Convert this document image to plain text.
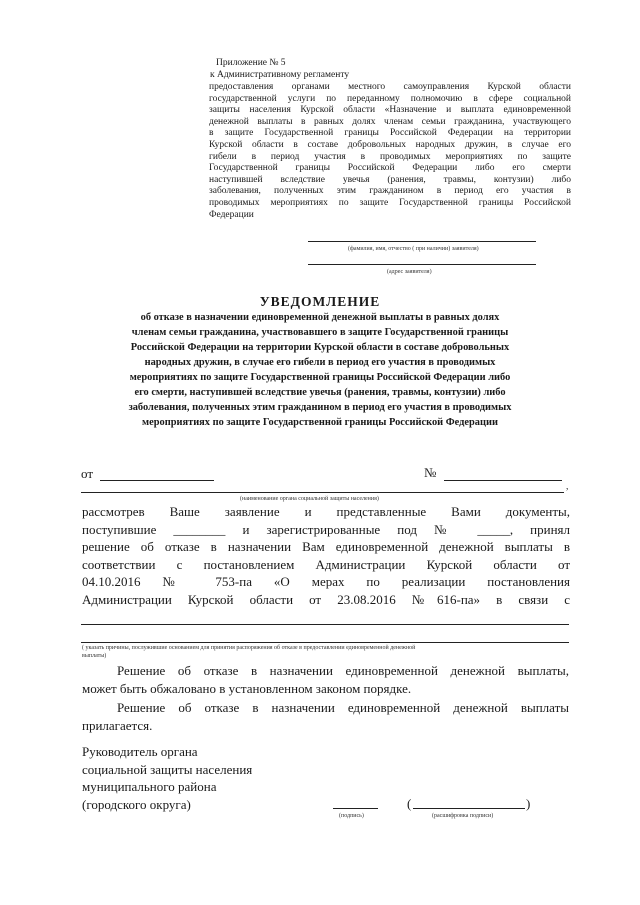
Приложение № 5
к Административному регламенту
предоставления органами местного самоуправления Курской области
государственной услуги по переданному полномочию в сфере социальной
защиты населения Курской области «Назначение и выплата единовременной
денежной выплаты в равных долях членам семьи гражданина, участвующего
в защите Государственной границы Российской Федерации на территории
Курской области в составе добровольных народных дружин, в случае его
гибели в период участия в проводимых мероприятиях по защите
Государственной границы Российской Федерации либо его смерти
наступившей вследствие увечья (ранения, травмы, контузии) либо
заболевания, полученных этим гражданином в период его участия в
проводимых мероприятиях по защите Государственной границы Российской
Федерации
(фамилия, имя, отчество ( при наличии) заявителя)
(адрес заявителя)
УВЕДОМЛЕНИЕ
об отказе в назначении единовременной денежной выплаты в равных долях
членам семьи гражданина, участвовавшего в защите Государственной границы
Российской Федерации на территории Курской области в составе добровольных
народных дружин, в случае его гибели в период его участия в проводимых
мероприятиях по защите Государственной границы Российской Федерации либо
его смерти, наступившей вследствие увечья (ранения, травмы, контузии) либо
заболевания, полученных этим гражданином в период его участия в проводимых
мероприятиях по защите Государственной границы Российской Федерации
от	№
,
(наименование органа социальной защиты населения)
рассмотрев Ваше заявление и представленные Вами документы,
поступившие ________ и зарегистрированные под № _____, принял
решение об отказе в назначении Вам единовременной денежной выплаты в
соответствии с постановлением Администрации Курской области от
04.10.2016 № 753-па «О мерах по реализации постановления
Администрации Курской области от 23.08.2016 №616-па» в связи с
( указать причины, послужившие основанием для принятия распоряжения об отказе в предоставлении единовременной денежной
выплаты)
Решение об отказе в назначении единовременной денежной выплаты,
может быть обжаловано в установленном законом порядке.
Решение об отказе в назначении единовременной денежной выплаты
прилагается.
Руководитель органа
социальной защиты населения
муниципального района
(городского округа)
(подпись)
(	)
(расшифровка подписи)
